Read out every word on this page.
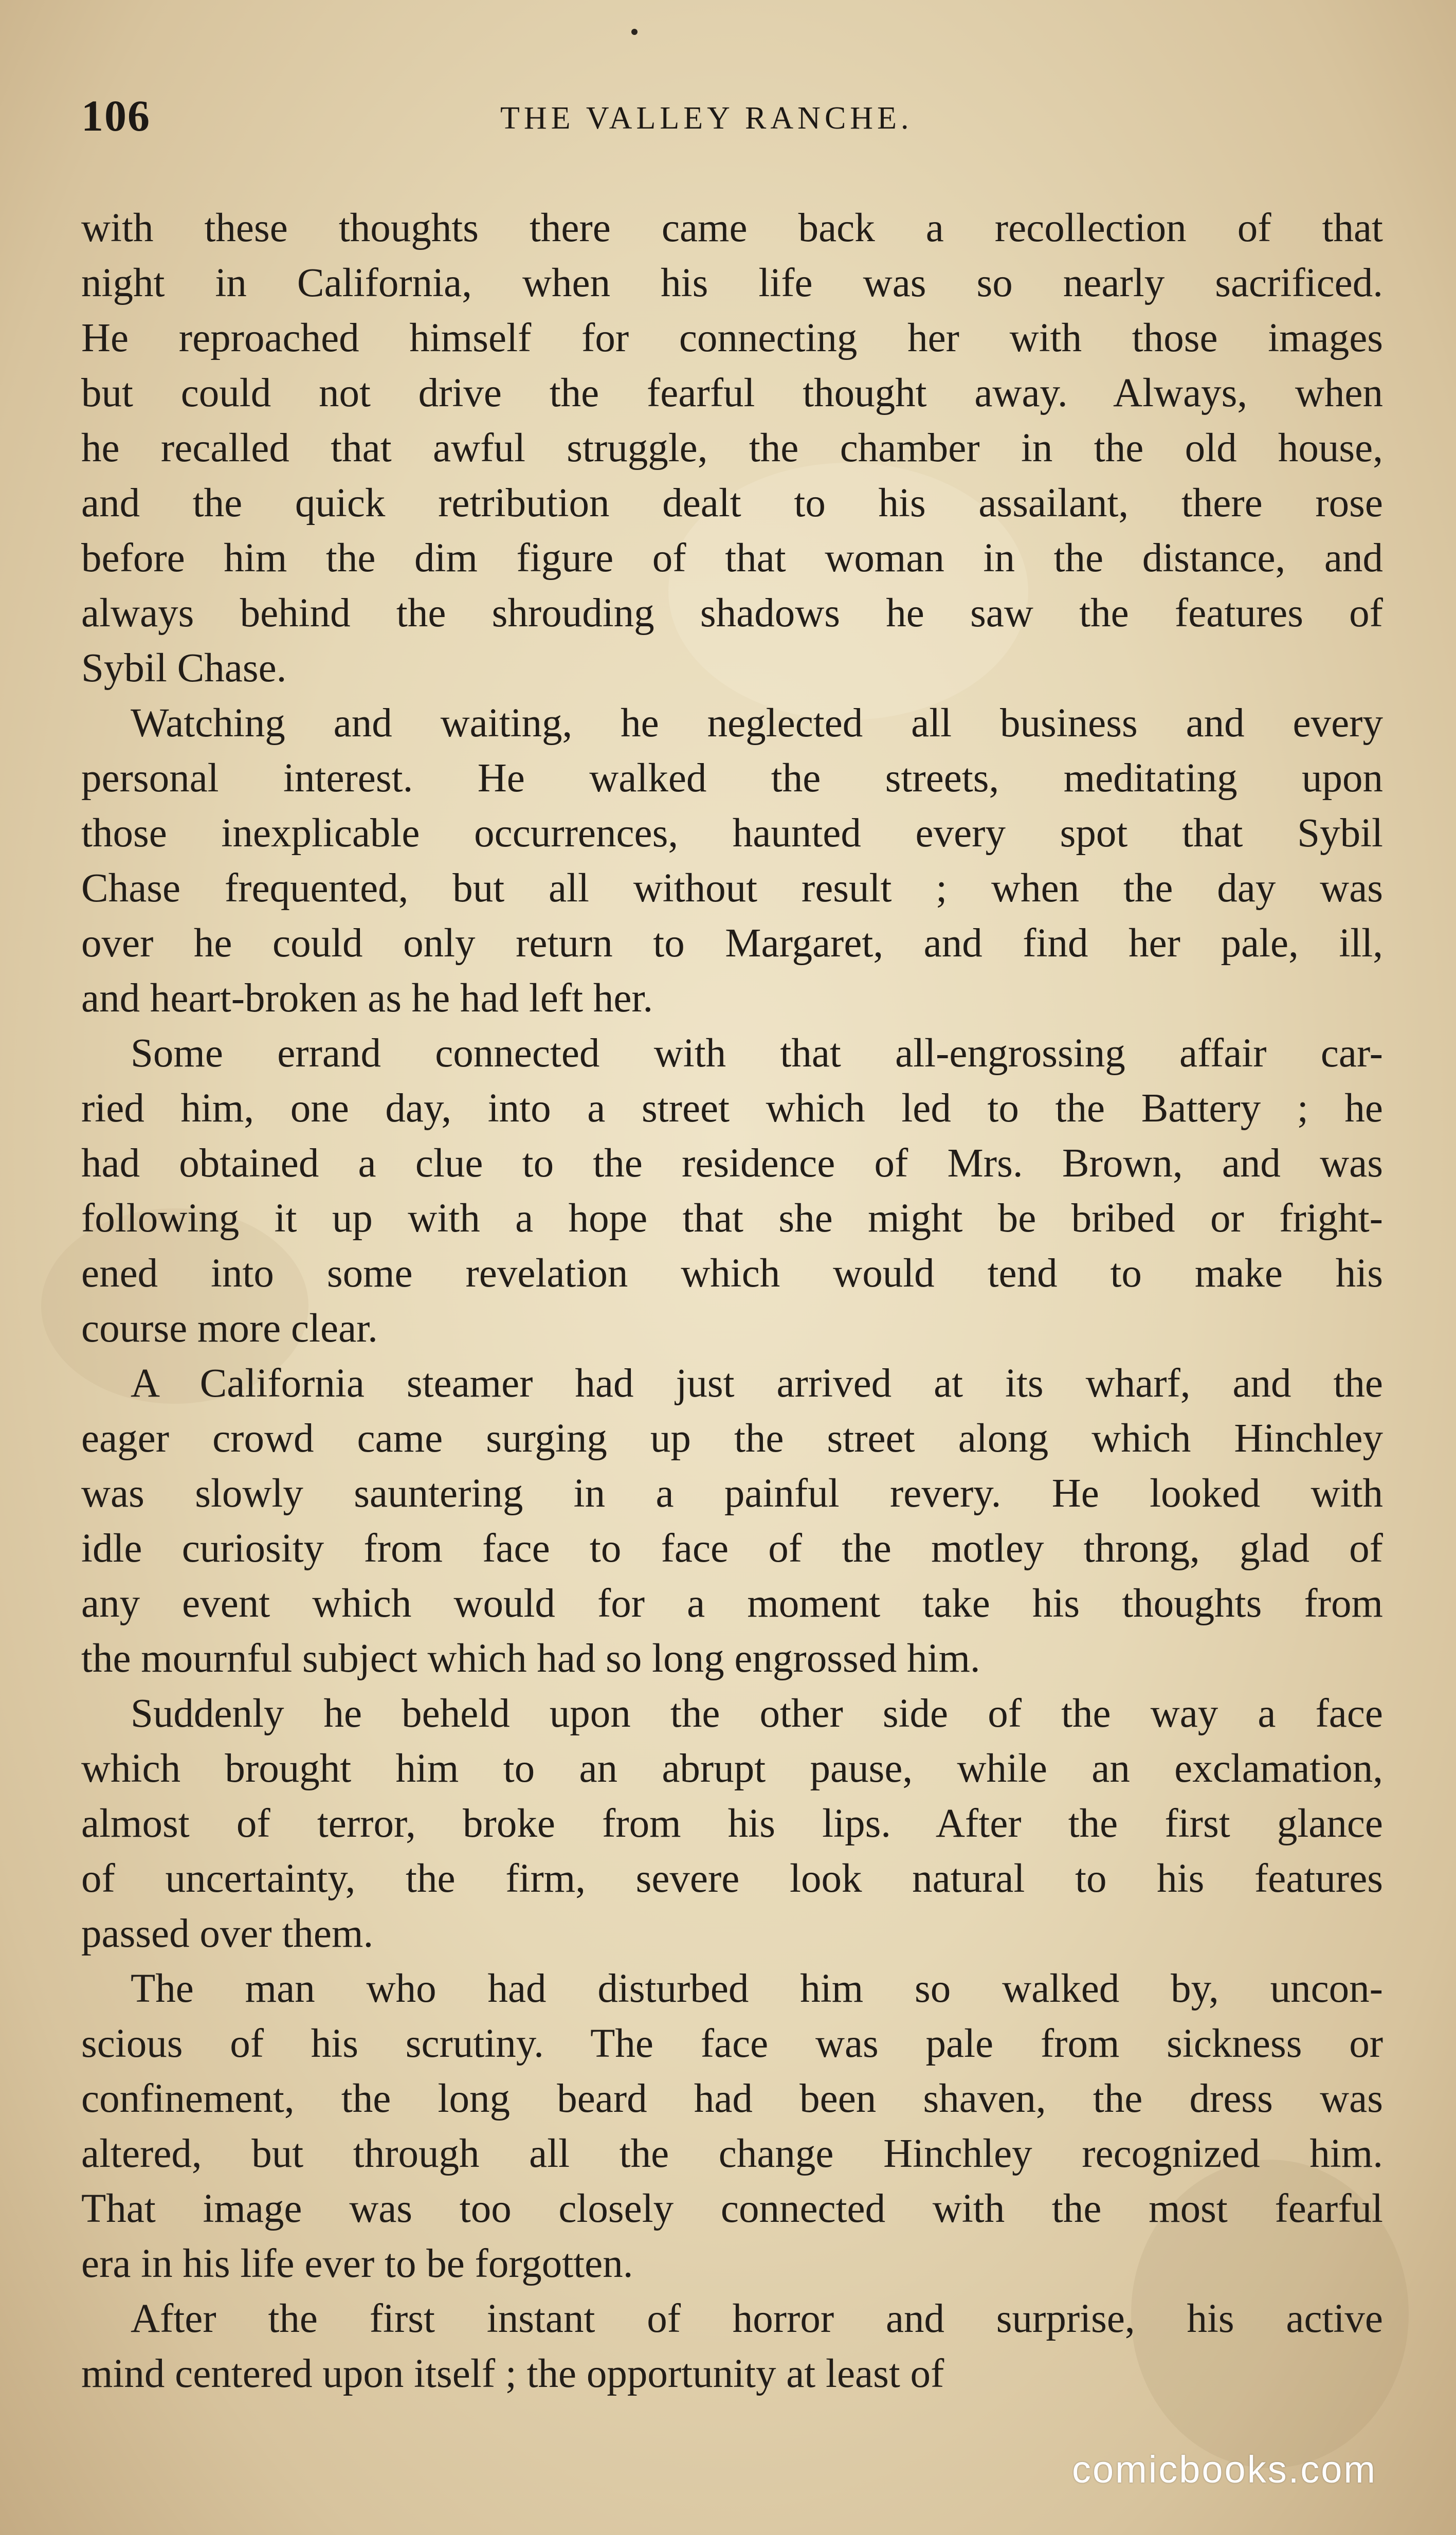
106	THE VALLEY RANCHE.
with these thoughts there came back a recollection of that
night in California, when his life was so nearly sacrificed.
He reproached himself for connecting her with those images
but could not drive the fearful thought away. Always, when
he recalled that awful struggle, the chamber in the old house,
and the quick retribution dealt to his assailant, there rose
before him the dim figure of that woman in the distance, and
always behind the shrouding shadows he saw the features of
Sybil Chase.
Watching and waiting, he neglected all business and every
personal interest. He walked the streets, meditating upon
those inexplicable occurrences, haunted every spot that Sybil
Chase frequented, but all without result ; when the day was
over he could only return to Margaret, and find her pale, ill,
and heart-broken as he had left her.
Some errand connected with that all-engrossing affair car-
ried him, one day, into a street which led to the Battery ; he
had obtained a clue to the residence of Mrs. Brown, and was
following it up with a hope that she might be bribed or fright-
ened into some revelation which would tend to make his
course more clear.
A California steamer had just arrived at its wharf, and the
eager crowd came surging up the street along which Hinchley
was slowly sauntering in a painful revery. He looked with
idle curiosity from face to face of the motley throng, glad of
any event which would for a moment take his thoughts from
the mournful subject which had so long engrossed him.
Suddenly he beheld upon the other side of the way a face
which brought him to an abrupt pause, while an exclamation,
almost of terror, broke from his lips. After the first glance
of uncertainty, the firm, severe look natural to his features
passed over them.
The man who had disturbed him so walked by, uncon-
scious of his scrutiny. The face was pale from sickness or
confinement, the long beard had been shaven, the dress was
altered, but through all the change Hinchley recognized him.
That image was too closely connected with the most fearful
era in his life ever to be forgotten.
After the first instant of horror and surprise, his active
mind centered upon itself ; the opportunity at least of
comicbooks.com
